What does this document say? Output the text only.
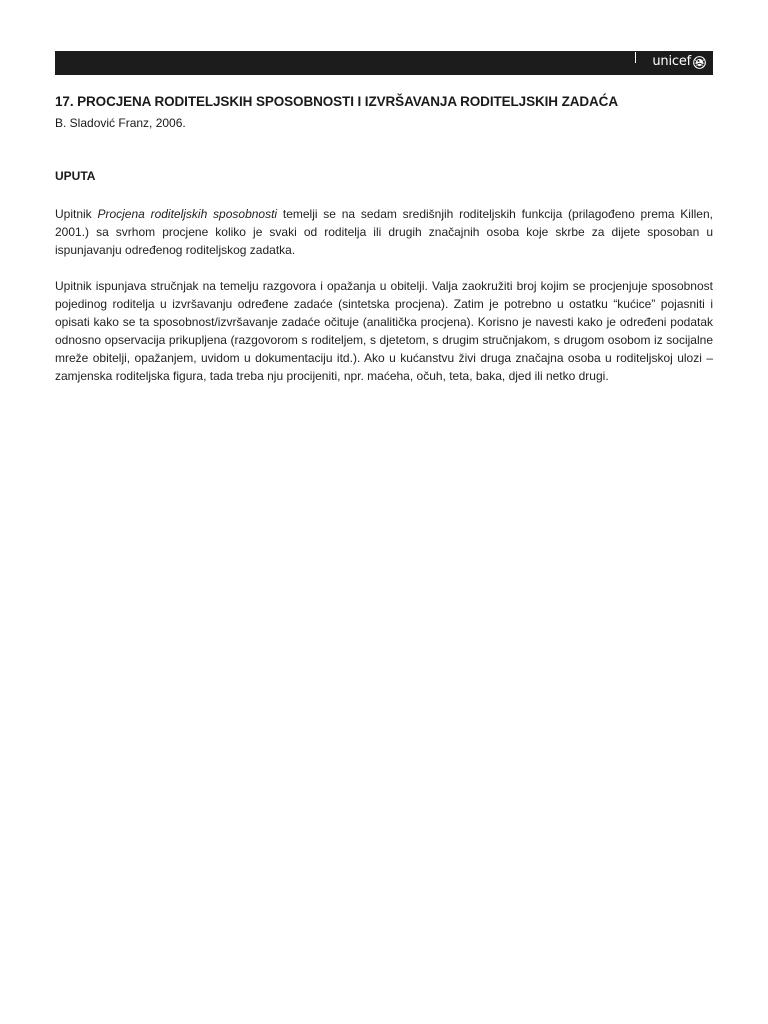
unicef
17. PROCJENA RODITELJSKIH SPOSOBNOSTI I IZVRŠAVANJA RODITELJSKIH ZADAĆA

B. Sladović Franz, 2006.

UPUTA

Upitnik Procjena roditeljskih sposobnosti temelji se na sedam središnjih roditeljskih funkcija (prilagođeno prema Killen, 2001.) sa svrhom procjene koliko je svaki od roditelja ili drugih značajnih osoba koje skrbe za dijete sposoban u ispunjavanju određenog roditeljskog zadatka.

Upitnik ispunjava stručnjak na temelju razgovora i opažanja u obitelji. Valja zaokružiti broj kojim se procjenjuje sposobnost pojedinog roditelja u izvršavanju određene zadaće (sintetska procjena). Zatim je potrebno u ostatku “kućice” pojasniti i opisati kako se ta sposobnost/izvršavanje zadaće očituje (analitička procjena). Korisno je navesti kako je određeni podatak odnosno opservacija prikupljena (razgovorom s roditeljem, s djetetom, s drugim stručnjakom, s drugom osobom iz socijalne mreže obitelji, opažanjem, uvidom u dokumentaciju itd.). Ako u kućanstvu živi druga značajna osoba u roditeljskoj ulozi – zamjenska roditeljska figura, tada treba nju procijeniti, npr. maćeha, očuh, teta, baka, djed ili netko drugi.
